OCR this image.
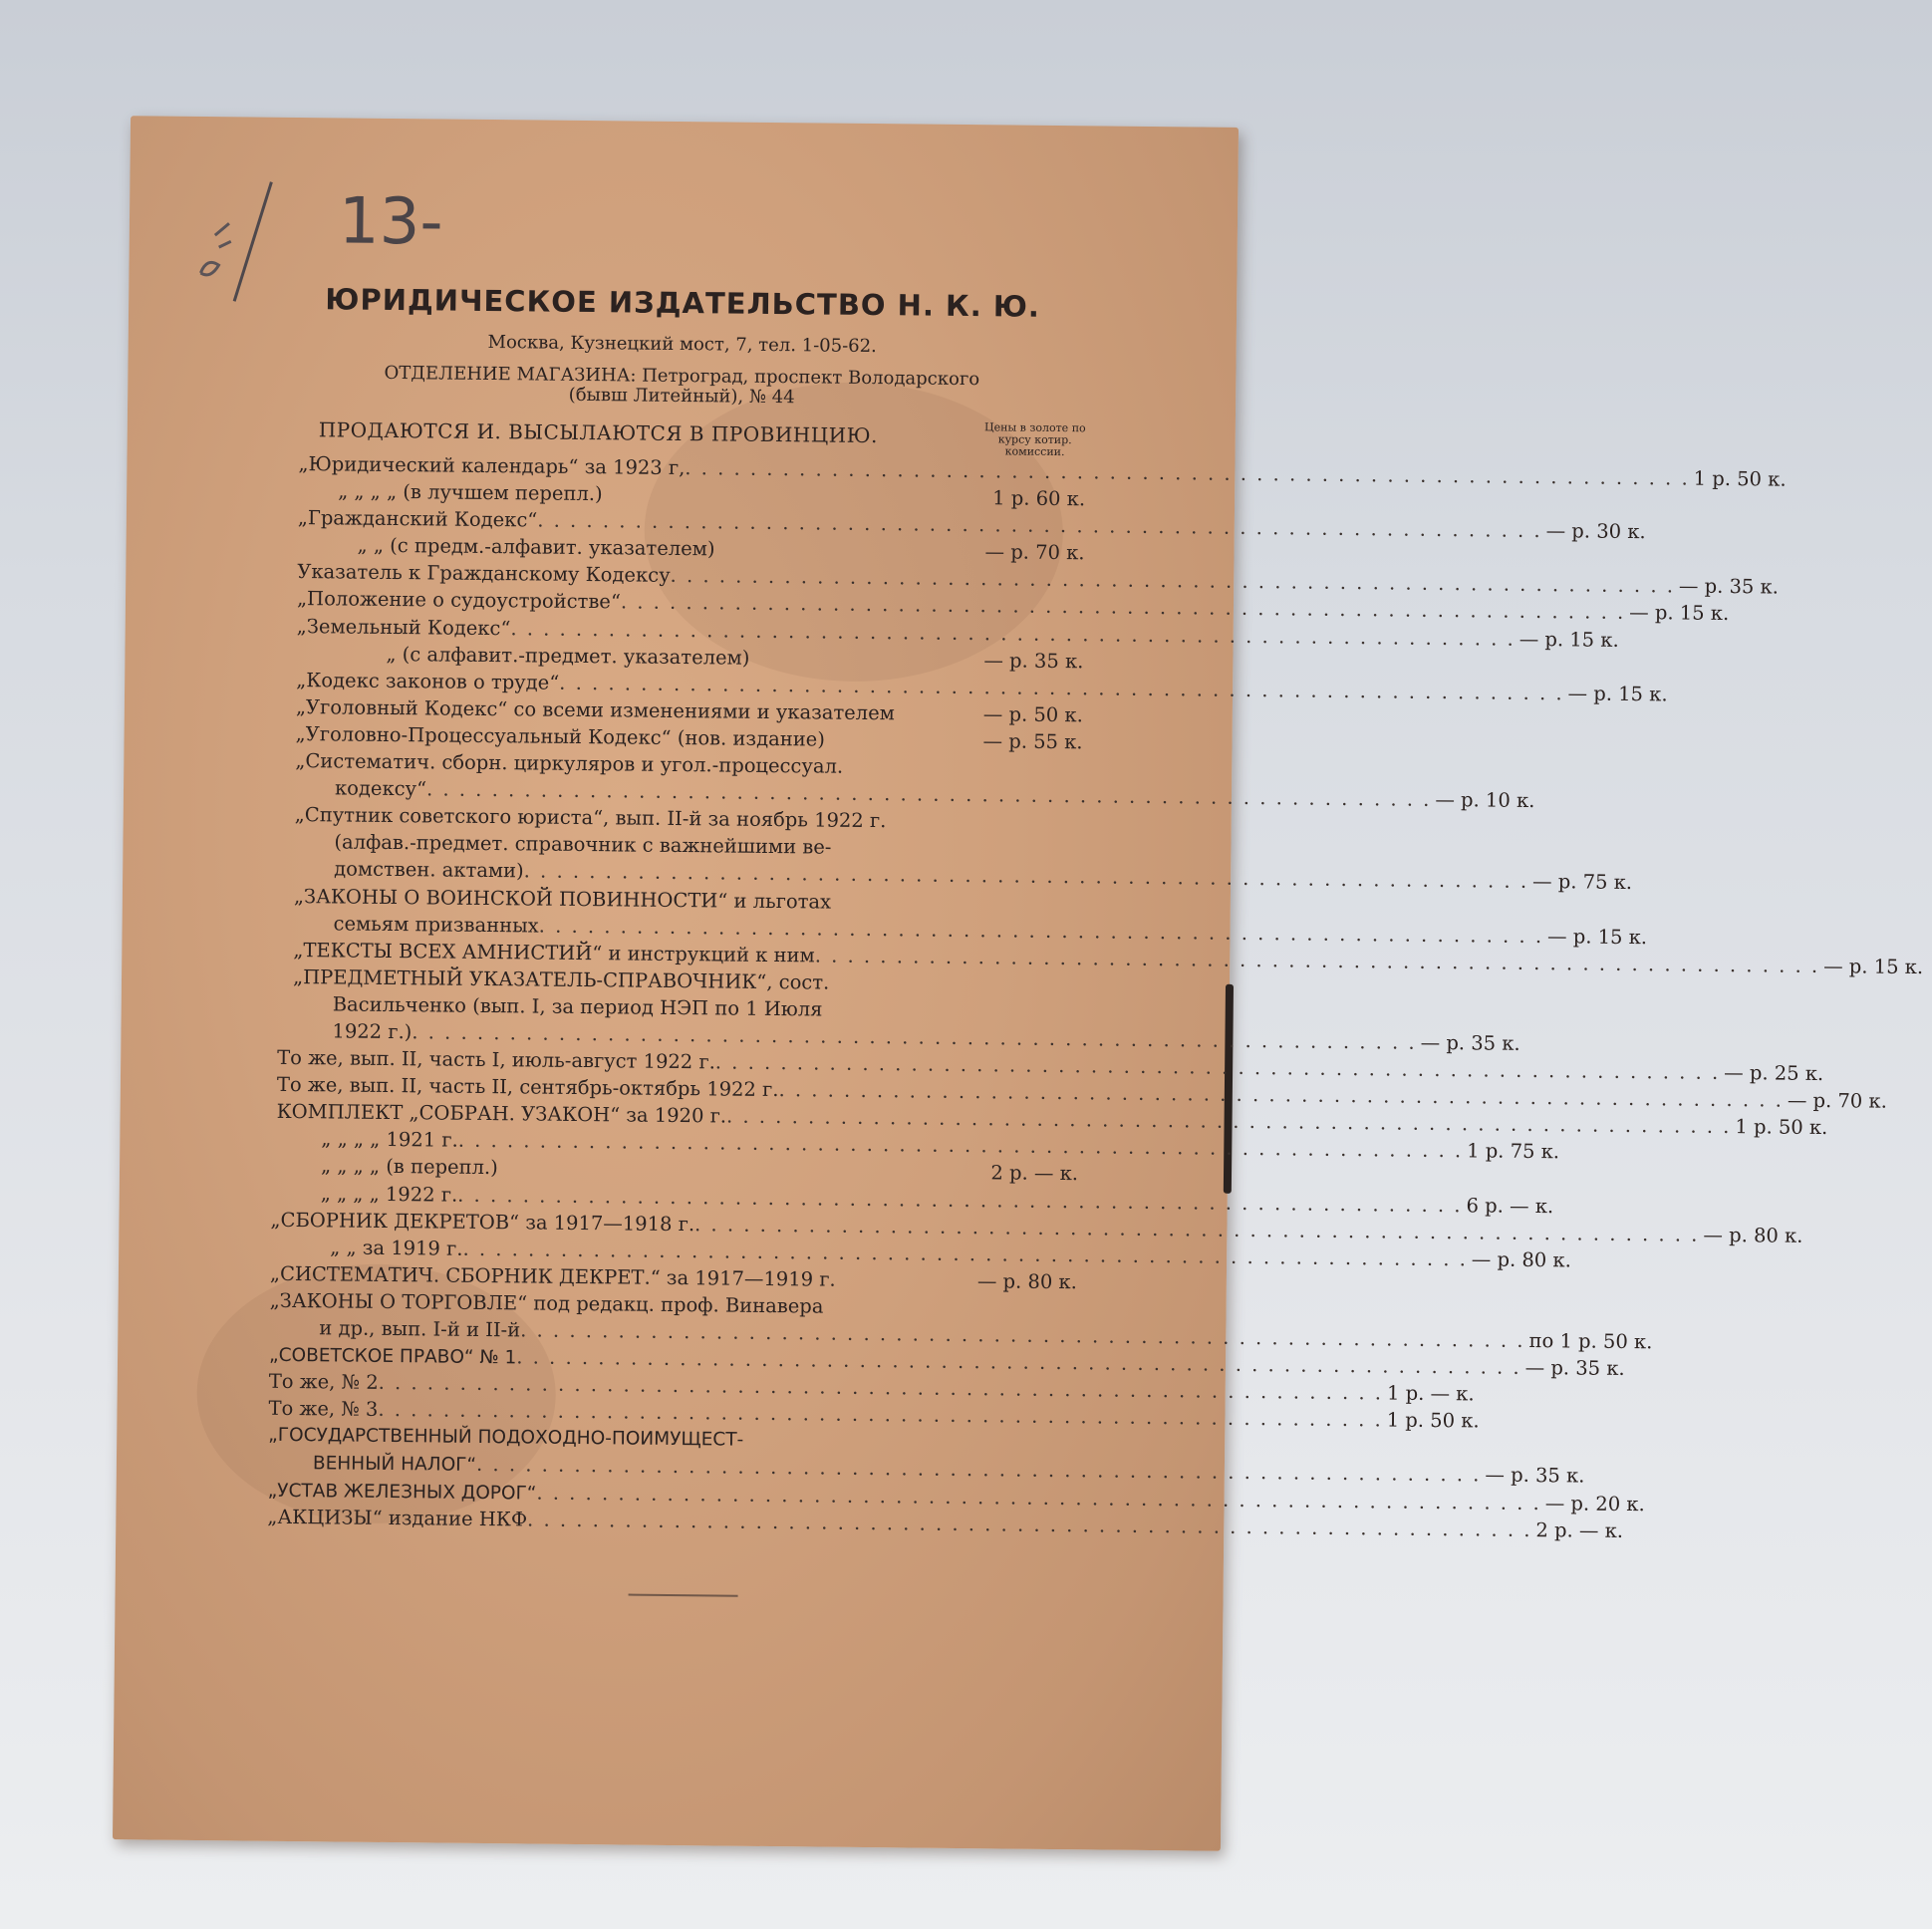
13-
ЮРИДИЧЕСКОЕ ИЗДАТЕЛЬСТВО Н. К. Ю.
Москва, Кузнецкий мост, 7, тел. 1-05-62.
ОТДЕЛЕНИЕ МАГАЗИНА: Петроград, проспект Володарского
(бывш Литейный), № 44
ПРОДАЮТСЯ И. ВЫСЫЛАЮТСЯ В ПРОВИНЦИЮ.	Цены в золоте по курсу котир. комиссии.
„Юридический календарь“ за 1923 г, . . .	1 р. 50 к.
„ „ „ „ (в лучшем перепл.)	1 р. 60 к.
„Гражданский Кодекс“ . . .	— р. 30 к.
„ „ (с предм.-алфавит. указателем)	— р. 70 к.
Указатель к Гражданскому Кодексу . . .	— р. 35 к.
„Положение о судоустройстве“ . . .	— р. 15 к.
„Земельный Кодекс“ . . .	— р. 15 к.
„ (с алфавит.-предмет. указателем)	— р. 35 к.
„Кодекс законов о труде“ . . .	— р. 15 к.
„Уголовный Кодекс“ со всеми изменениями и указателем	— р. 50 к.
„Уголовно-Процессуальный Кодекс“ (нов. издание)	— р. 55 к.
„Систематич. сборн. циркуляров и угол.-процессуал.
кодексу“ . . .	— р. 10 к.
„Спутник советского юриста“, вып. II-й за ноябрь 1922 г.
(алфав.-предмет. справочник с важнейшими ве-
домствен. актами) . . .	— р. 75 к.
„ЗАКОНЫ О ВОИНСКОЙ ПОВИННОСТИ“ и льготах
семьям призванных . . .	— р. 15 к.
„ТЕКСТЫ ВСЕХ АМНИСТИЙ“ и инструкций к ним . . .	— р. 15 к.
„ПРЕДМЕТНЫЙ УКАЗАТЕЛЬ-СПРАВОЧНИК“, сост.
Васильченко (вып. I, за период НЭП по 1 Июля
1922 г.) . . .	— р. 35 к.
То же, вып. II, часть I, июль-август 1922 г. . . .	— р. 25 к.
То же, вып. II, часть II, сентябрь-октябрь 1922 г. . . .	— р. 70 к.
КОМПЛЕКТ „СОБРАН. УЗАКОН“ за 1920 г. . . .	1 р. 50 к.
„ „ „ „ 1921 г. . . .	1 р. 75 к.
„ „ „ „ (в перепл.)	2 р. — к.
„ „ „ „ 1922 г. . . .	6 р. — к.
„СБОРНИК ДЕКРЕТОВ“ за 1917—1918 г. . . .	— р. 80 к.
„ „ за 1919 г. . . .	— р. 80 к.
„СИСТЕМАТИЧ. СБОРНИК ДЕКРЕТ.“ за 1917—1919 г.	— р. 80 к.
„ЗАКОНЫ О ТОРГОВЛЕ“ под редакц. проф. Винавера
и др., вып. I-й и II-й . . .	по 1 р. 50 к.
„СОВЕТСКОЕ ПРАВО“ № 1 . . .	— р. 35 к.
То же, № 2 . . .	1 р. — к.
То же, № 3 . . .	1 р. 50 к.
„ГОСУДАРСТВЕННЫЙ ПОДОХОДНО-ПОИМУЩЕСТ-
ВЕННЫЙ НАЛОГ“ . . .	— р. 35 к.
„УСТАВ ЖЕЛЕЗНЫХ ДОРОГ“ . . .	— р. 20 к.
„АКЦИЗЫ“ издание НКФ . . .	2 р. — к.
